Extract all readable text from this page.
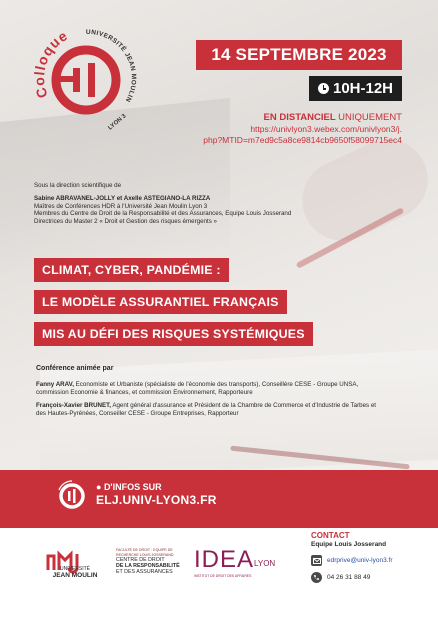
Colloque UNIVERSITÉ JEAN MOULIN
LYON 3
14 SEPTEMBRE 2023
10H-12H
EN DISTANCIEL UNIQUEMENT
https://univlyon3.webex.com/univlyon3/j.
php?MTID=m7ed9c5a8ce9814cb9650f58099715ec4
Sous la direction scientifique de
Sabine ABRAVANEL-JOLLY et Axelle ASTEGIANO-LA RIZZA
Maîtres de Conférences HDR à l'Université Jean Moulin Lyon 3
Membres du Centre de Droit de la Responsabilité et des Assurances, Equipe Louis Josserand
Directrices du Master 2 « Droit et Gestion des risques émergents »
CLIMAT, CYBER, PANDÉMIE :
LE MODÈLE ASSURANTIEL FRANÇAIS
MIS AU DÉFI DES RISQUES SYSTÉMIQUES
Conférence animée par

Fanny ARAV, Economiste et Urbaniste (spécialiste de l'économie des transports), Conseillère CESE - Groupe UNSA, commission Economie & finances, et commission Environnement, Rapporteure

François-Xavier BRUNET, Agent général d'assurance et Président de la Chambre de Commerce et d'Industrie de Tarbes et des Hautes-Pyrénées, Conseiller CESE - Groupe Entreprises, Rapporteur

● D'INFOS SUR
ELJ.UNIV-LYON3.FR
UNIVERSITÉ
JEAN MOULIN
FACULTÉ DE DROIT · EQUIPE DE RECHERCHE LOUIS JOSSERAND
CENTRE DE DROIT
DE LA RESPONSABILITÉ
ET DES ASSURANCES $IDEA_{LYON}$
INSTITUT DE DROIT DES AFFAIRES
CONTACT
Equipe Louis Josserand
edrprive@univ-lyon3.fr
04 26 31 88 49
